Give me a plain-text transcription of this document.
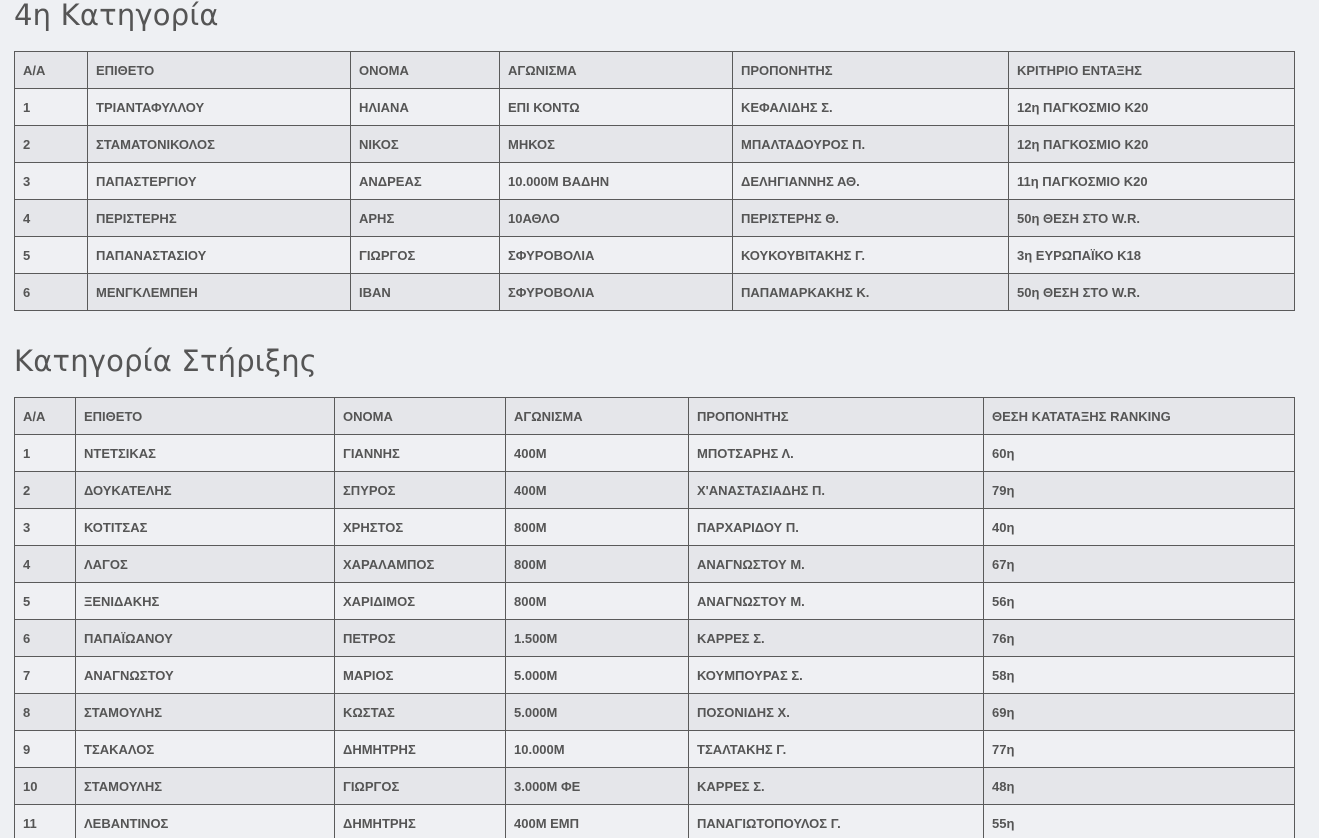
4η Κατηγορία
Α/Α	ΕΠΙΘΕΤΟ	ΟΝΟΜΑ	ΑΓΩΝΙΣΜΑ	ΠΡΟΠΟΝΗΤΗΣ	ΚΡΙΤΗΡΙΟ ΕΝΤΑΞΗΣ
1	ΤΡΙΑΝΤΑΦΥΛΛΟΥ	ΗΛΙΑΝΑ	ΕΠΙ ΚΟΝΤΩ	ΚΕΦΑΛΙΔΗΣ Σ.	12η ΠΑΓΚΟΣΜΙΟ Κ20
2	ΣΤΑΜΑΤΟΝΙΚΟΛΟΣ	ΝΙΚΟΣ	ΜΗΚΟΣ	ΜΠΑΛΤΑΔΟΥΡΟΣ Π.	12η ΠΑΓΚΟΣΜΙΟ Κ20
3	ΠΑΠΑΣΤΕΡΓΙΟΥ	ΑΝΔΡΕΑΣ	10.000Μ ΒΑΔΗΝ	ΔΕΛΗΓΙΑΝΝΗΣ ΑΘ.	11η ΠΑΓΚΟΣΜΙΟ Κ20
4	ΠΕΡΙΣΤΕΡΗΣ	ΑΡΗΣ	10ΑΘΛΟ	ΠΕΡΙΣΤΕΡΗΣ Θ.	50η ΘΕΣΗ ΣΤΟ W.R.
5	ΠΑΠΑΝΑΣΤΑΣΙΟΥ	ΓΙΩΡΓΟΣ	ΣΦΥΡΟΒΟΛΙΑ	ΚΟΥΚΟΥΒΙΤΑΚΗΣ Γ.	3η ΕΥΡΩΠΑΪΚΟ Κ18
6	ΜΕΝΓΚΛΕΜΠΕΗ	ΙΒΑΝ	ΣΦΥΡΟΒΟΛΙΑ	ΠΑΠΑΜΑΡΚΑΚΗΣ Κ.	50η ΘΕΣΗ ΣΤΟ W.R.
Κατηγορία Στήριξης
Α/Α	ΕΠΙΘΕΤΟ	ΟΝΟΜΑ	ΑΓΩΝΙΣΜΑ	ΠΡΟΠΟΝΗΤΗΣ	ΘΕΣΗ ΚΑΤΑΤΑΞΗΣ RANKING
1	ΝΤΕΤΣΙΚΑΣ	ΓΙΑΝΝΗΣ	400Μ	ΜΠΟΤΣΑΡΗΣ Λ.	60η
2	ΔΟΥΚΑΤΕΛΗΣ	ΣΠΥΡΟΣ	400Μ	Χ'ΑΝΑΣΤΑΣΙΑΔΗΣ Π.	79η
3	ΚΟΤΙΤΣΑΣ	ΧΡΗΣΤΟΣ	800Μ	ΠΑΡΧΑΡΙΔΟΥ Π.	40η
4	ΛΑΓΟΣ	ΧΑΡΑΛΑΜΠΟΣ	800Μ	ΑΝΑΓΝΩΣΤΟΥ Μ.	67η
5	ΞΕΝΙΔΑΚΗΣ	ΧΑΡΙΔΙΜΟΣ	800Μ	ΑΝΑΓΝΩΣΤΟΥ Μ.	56η
6	ΠΑΠΑΪΩΑΝΟΥ	ΠΕΤΡΟΣ	1.500Μ	ΚΑΡΡΕΣ Σ.	76η
7	ΑΝΑΓΝΩΣΤΟΥ	ΜΑΡΙΟΣ	5.000Μ	ΚΟΥΜΠΟΥΡΑΣ Σ.	58η
8	ΣΤΑΜΟΥΛΗΣ	ΚΩΣΤΑΣ	5.000Μ	ΠΟΣΟΝΙΔΗΣ Χ.	69η
9	ΤΣΑΚΑΛΟΣ	ΔΗΜΗΤΡΗΣ	10.000Μ	ΤΣΑΛΤΑΚΗΣ Γ.	77η
10	ΣΤΑΜΟΥΛΗΣ	ΓΙΩΡΓΟΣ	3.000Μ ΦΕ	ΚΑΡΡΕΣ Σ.	48η
11	ΛΕΒΑΝΤΙΝΟΣ	ΔΗΜΗΤΡΗΣ	400Μ ΕΜΠ	ΠΑΝΑΓΙΩΤΟΠΟΥΛΟΣ Γ.	55η
